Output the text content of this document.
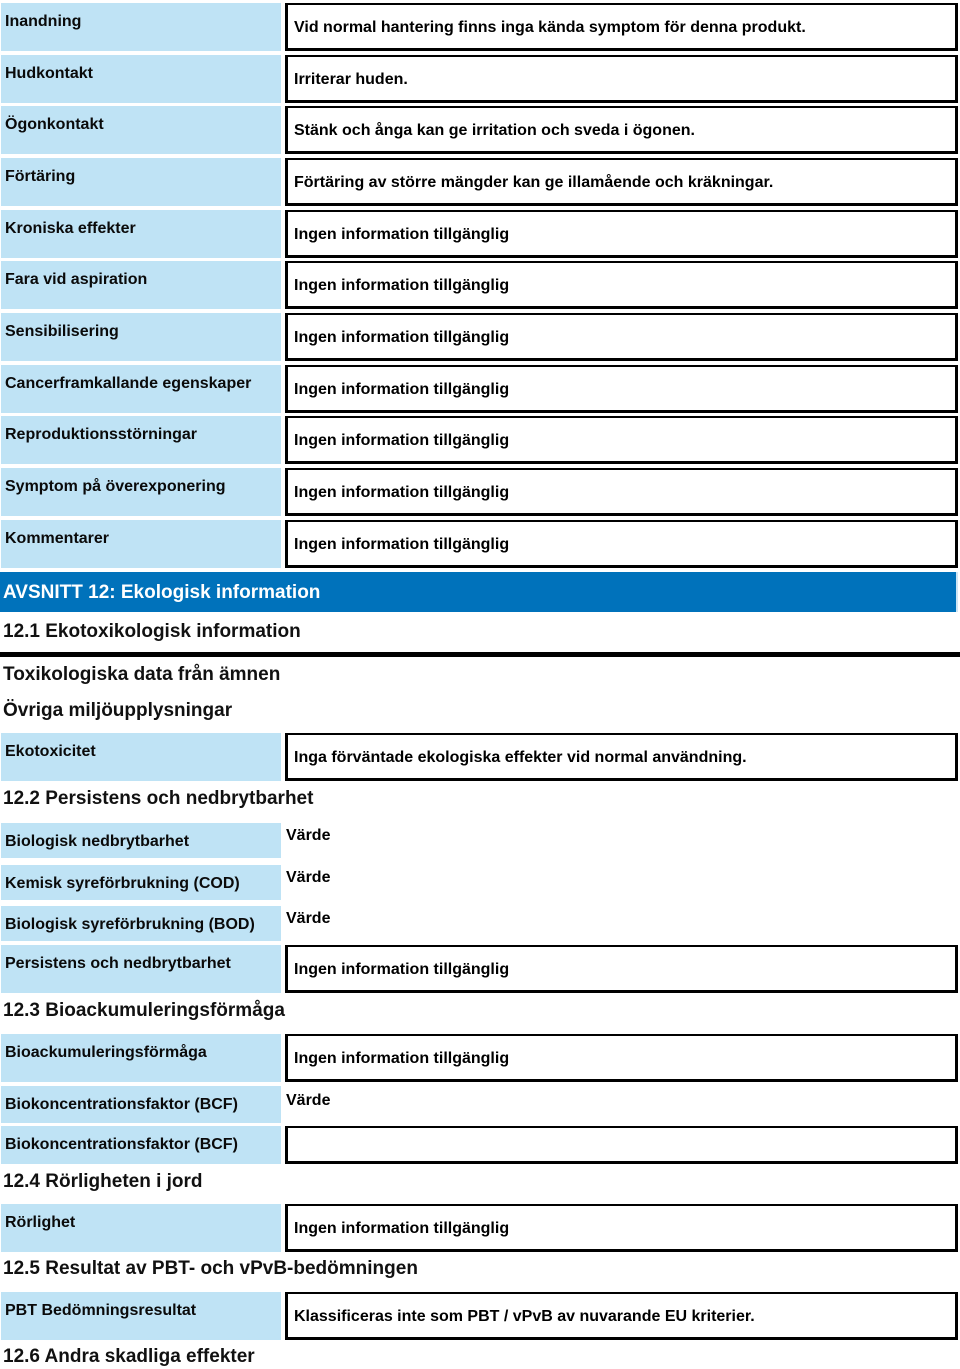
Inandning	Vid normal hantering finns inga kända symptom för denna produkt.
Hudkontakt	Irriterar huden.
Ögonkontakt	Stänk och ånga kan ge irritation och sveda i ögonen.
Förtäring	Förtäring av större mängder kan ge illamående och kräkningar.
Kroniska effekter	Ingen information tillgänglig
Fara vid aspiration	Ingen information tillgänglig
Sensibilisering	Ingen information tillgänglig
Cancerframkallande egenskaper	Ingen information tillgänglig
Reproduktionsstörningar	Ingen information tillgänglig
Symptom på överexponering	Ingen information tillgänglig
Kommentarer	Ingen information tillgänglig
AVSNITT 12: Ekologisk information
12.1 Ekotoxikologisk information
Toxikologiska data från ämnen
Övriga miljöupplysningar
Ekotoxicitet	Inga förväntade ekologiska effekter vid normal användning.
12.2 Persistens och nedbrytbarhet
Biologisk nedbrytbarhet	Värde
Kemisk syreförbrukning (COD)	Värde
Biologisk syreförbrukning (BOD)	Värde
Persistens och nedbrytbarhet	Ingen information tillgänglig
12.3 Bioackumuleringsförmåga
Bioackumuleringsförmåga	Ingen information tillgänglig
Biokoncentrationsfaktor (BCF)	Värde
Biokoncentrationsfaktor (BCF)
12.4 Rörligheten i jord
Rörlighet	Ingen information tillgänglig
12.5 Resultat av PBT- och vPvB-bedömningen
PBT Bedömningsresultat	Klassificeras inte som PBT / vPvB av nuvarande EU kriterier.
12.6 Andra skadliga effekter
